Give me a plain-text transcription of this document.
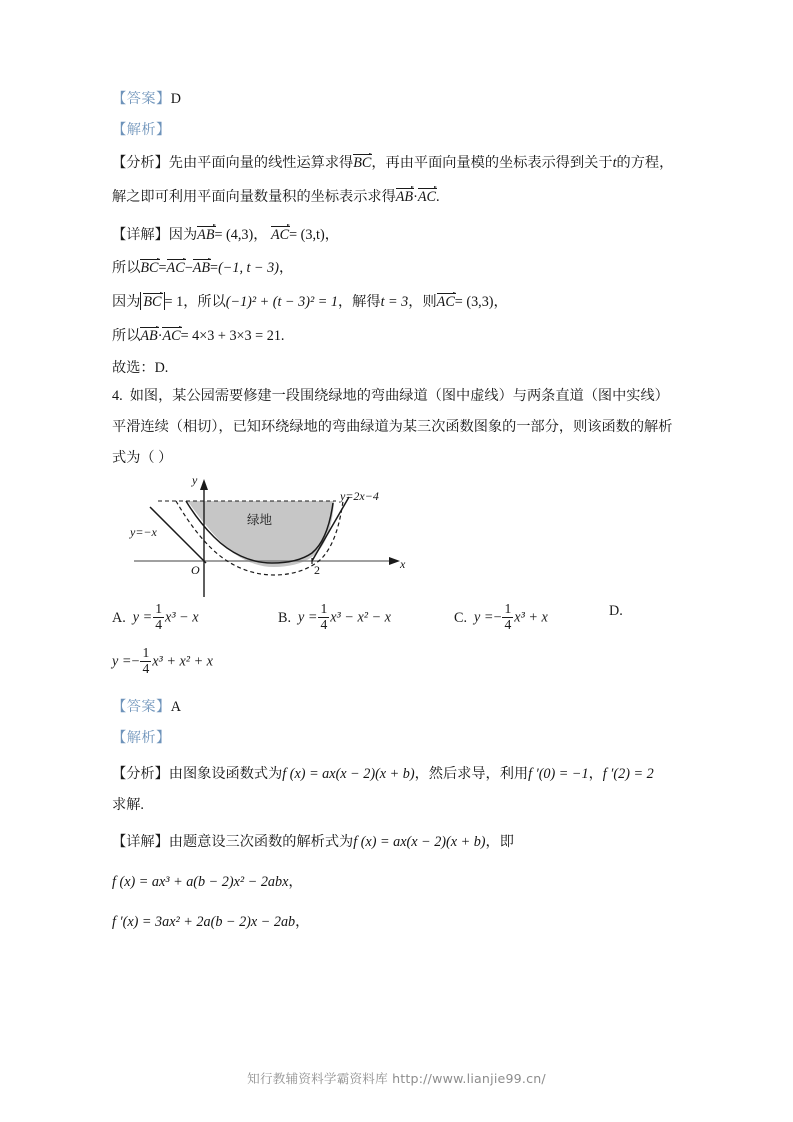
【答案】D
【解析】
【分析】先由平面向量的线性运算求得BC，再由平面向量模的坐标表示得到关于t的方程，
解之即可利用平面向量数量积的坐标表示求得AB·AC.
【详解】因为AB= (4,3)， AC= (3,t)，
所以BC=AC−AB=(−1, t − 3)，
因为 BC = 1，所以(−1)² + (t − 3)² = 1，解得t = 3，则AC= (3,3)，
所以AB·AC= 4×3 + 3×3 = 21.
故选：D.
4. 如图，某公园需要修建一段围绕绿地的弯曲绿道（图中虚线）与两条直道（图中实线）
平滑连续（相切），已知环绕绿地的弯曲绿道为某三次函数图象的一部分，则该函数的解析
式为（ ）
y
x
O	2
绿地
y=−x
y=2x−4
A. $y = \frac{1}{4} x^3 - x$	B. $y = \frac{1}{4} x^3 - x^2 - x$	C. $y =- \frac{1}{4} x^3 + x$	D.
$y =- \frac{1}{4} x^3 + x^2 + x$
【答案】A
【解析】
【分析】由图象设函数式为f (x) = ax(x − 2)(x + b)，然后求导，利用f ′(0) = −1，f ′(2) = 2
求解.
【详解】由题意设三次函数的解析式为f (x) = ax(x − 2)(x + b)，即
f (x) = ax³ + a(b − 2)x² − 2abx，
f ′(x) = 3ax² + 2a(b − 2)x − 2ab，
知行教辅资料学霸资料库 http://www.lianjie99.cn/
